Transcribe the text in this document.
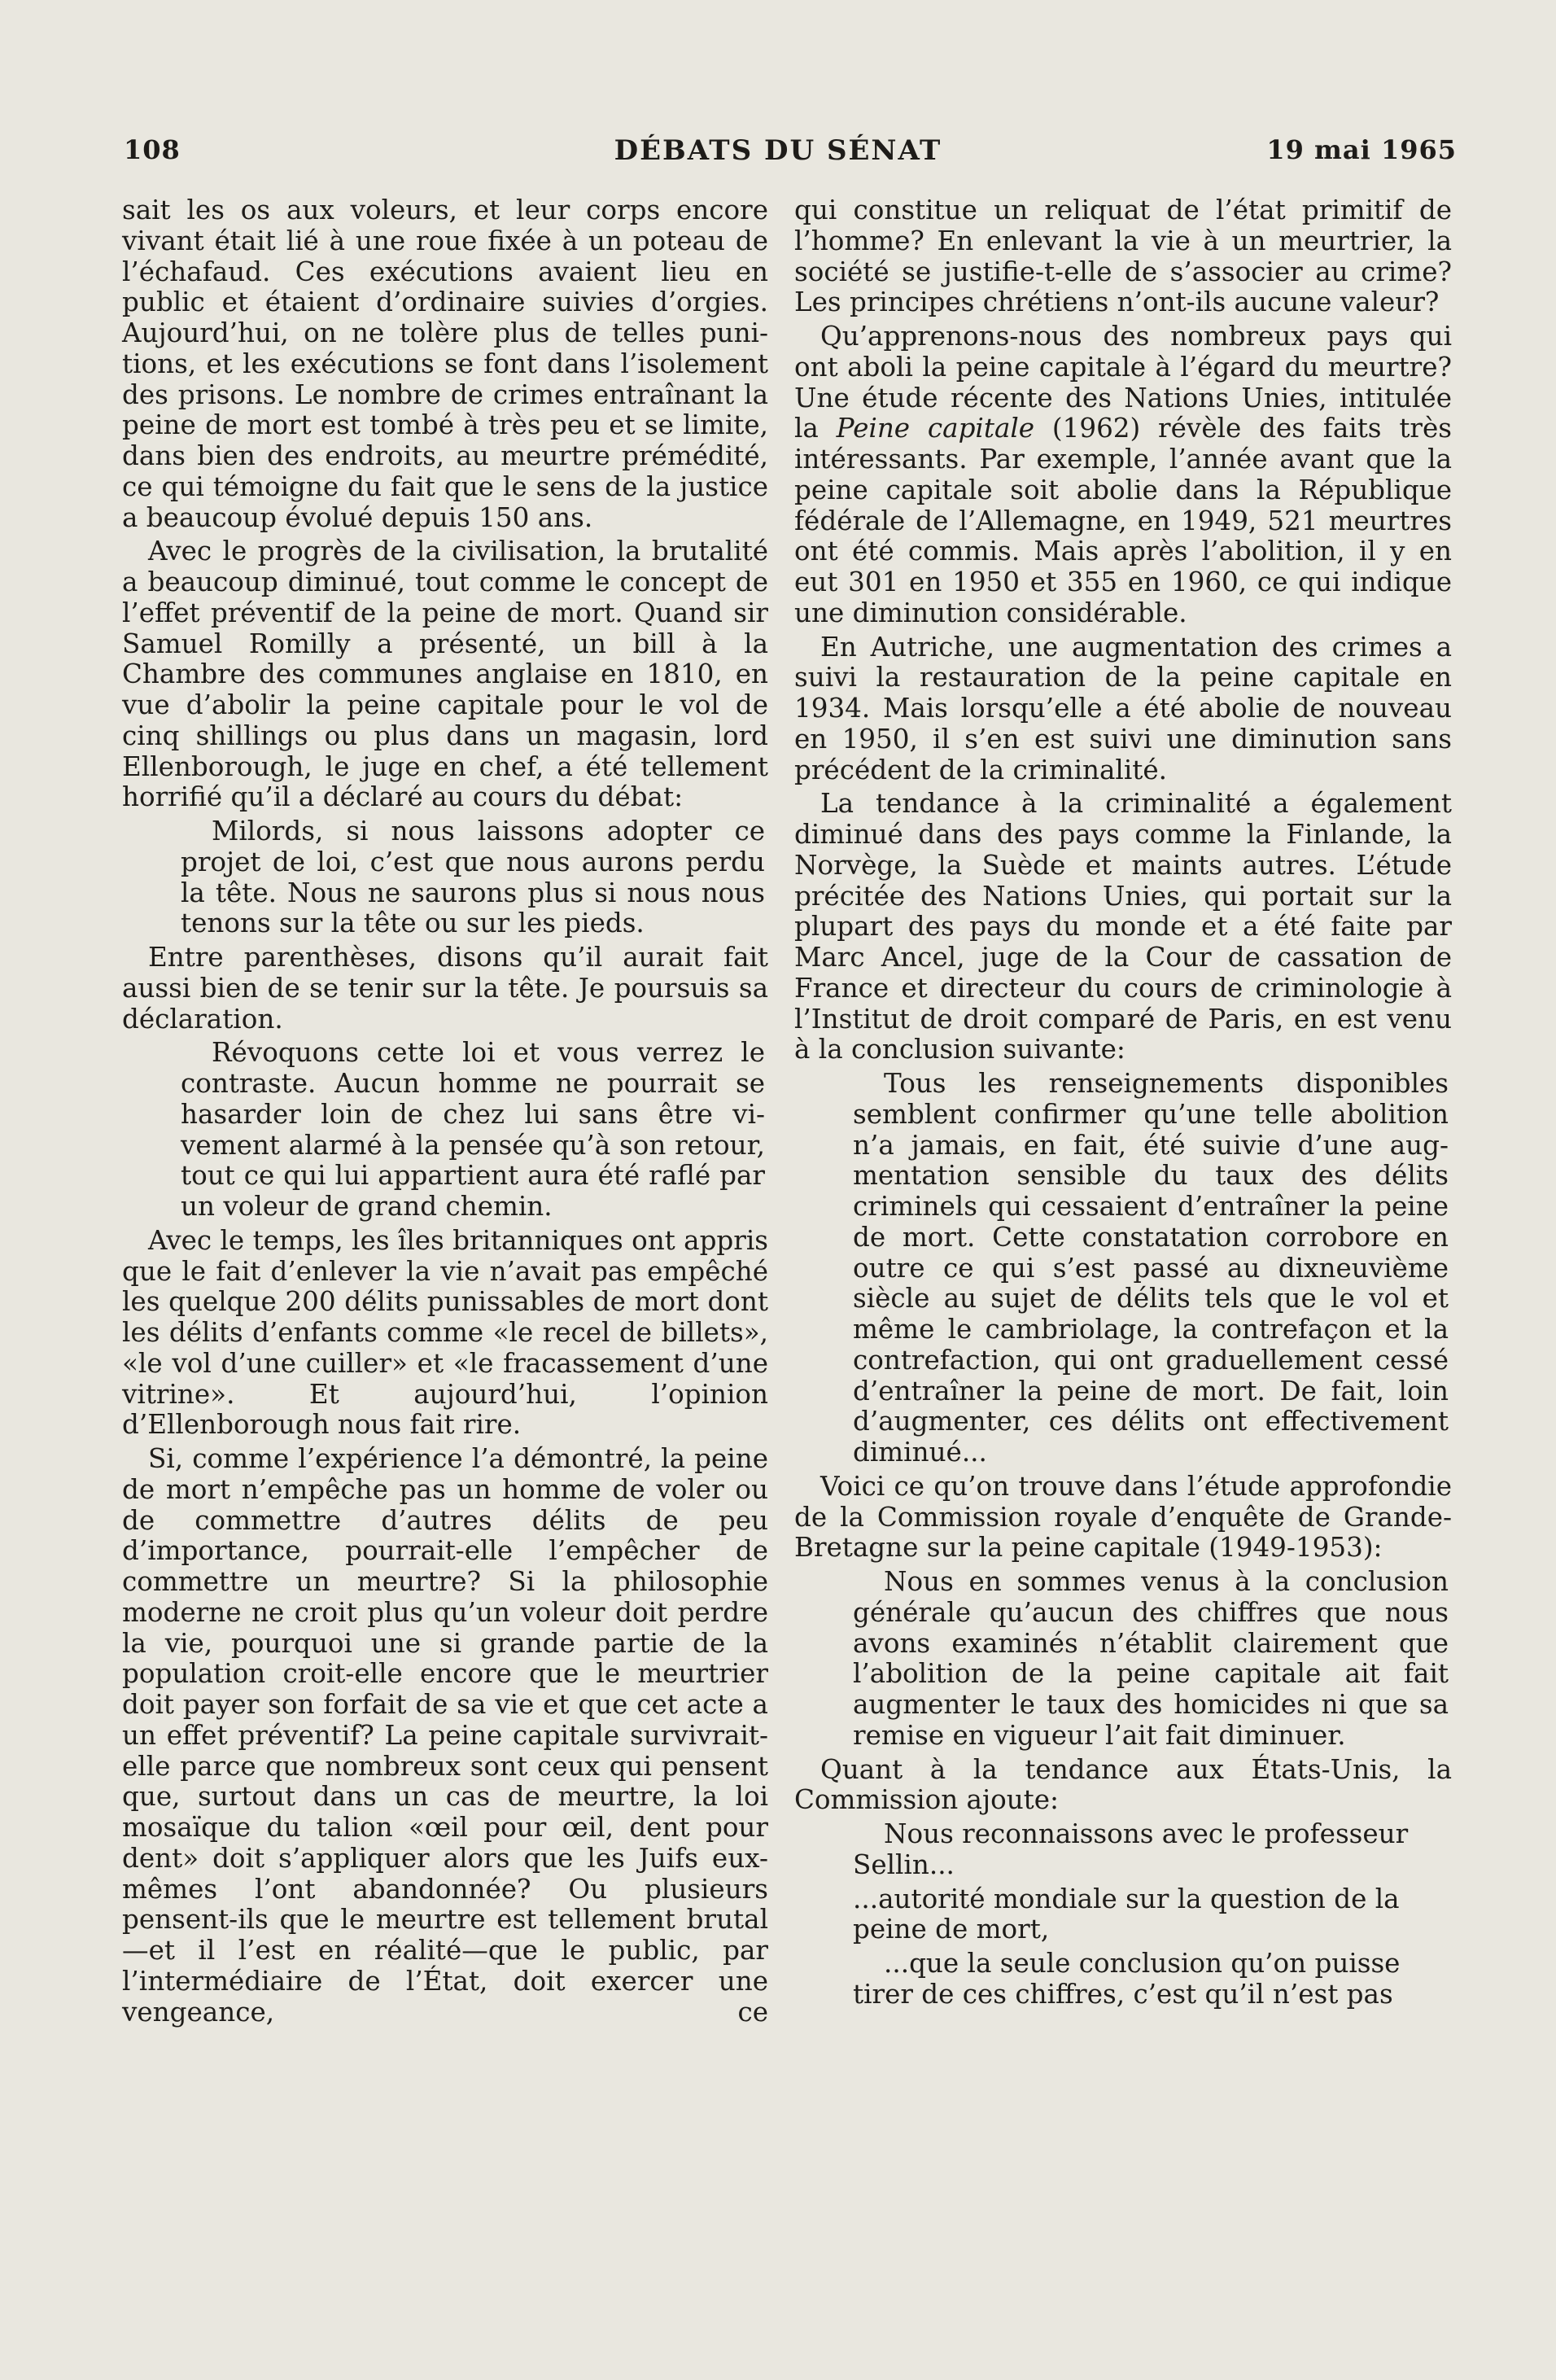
DÉBATS DU SÉNAT
108	19 mai 1965

sait les os aux voleurs, et leur corps encore vivant était lié à une roue fixée à un poteau de l’échafaud. Ces exécutions avaient lieu en public et étaient d’ordinaire suivies d’orgies. Aujourd’hui, on ne tolère plus de telles punitions, et les exécutions se font dans l’isolement des prisons. Le nombre de crimes entraînant la peine de mort est tombé à très peu et se limite, dans bien des endroits, au meurtre prémédité, ce qui témoigne du fait que le sens de la justice a beaucoup évolué depuis 150 ans.

Avec le progrès de la civilisation, la brutalité a beaucoup diminué, tout comme le concept de l’effet préventif de la peine de mort. Quand sir Samuel Romilly a présenté, un bill à la Chambre des communes anglaise en 1810, en vue d’abolir la peine capitale pour le vol de cinq shillings ou plus dans un magasin, lord Ellenborough, le juge en chef, a été tellement horrifié qu’il a déclaré au cours du débat:

Milords, si nous laissons adopter ce projet de loi, c’est que nous aurons perdu la tête. Nous ne saurons plus si nous nous tenons sur la tête ou sur les pieds.

Entre parenthèses, disons qu’il aurait fait aussi bien de se tenir sur la tête. Je poursuis sa déclaration.

Révoquons cette loi et vous verrez le contraste. Aucun homme ne pourrait se hasarder loin de chez lui sans être vivement alarmé à la pensée qu’à son retour, tout ce qui lui appartient aura été raflé par un voleur de grand chemin.

Avec le temps, les îles britanniques ont appris que le fait d’enlever la vie n’avait pas empêché les quelque 200 délits punissables de mort dont les délits d’enfants comme «le recel de billets», «le vol d’une cuiller» et «le fracassement d’une vitrine». Et aujourd’hui, l’opinion d’Ellenborough nous fait rire.

Si, comme l’expérience l’a démontré, la peine de mort n’empêche pas un homme de voler ou de commettre d’autres délits de peu d’importance, pourrait-elle l’empêcher de commettre un meurtre? Si la philosophie moderne ne croit plus qu’un voleur doit perdre la vie, pourquoi une si grande partie de la population croit-elle encore que le meurtrier doit payer son forfait de sa vie et que cet acte a un effet préventif? La peine capitale survivrait-elle parce que nombreux sont ceux qui pensent que, surtout dans un cas de meurtre, la loi mosaïque du talion «œil pour œil, dent pour dent» doit s’appliquer alors que les Juifs eux-mêmes l’ont abandonnée? Ou plusieurs pensent-ils que le meurtre est tellement brutal—et il l’est en réalité—que le public, par l’intermédiaire de l’État, doit exercer une vengeance, ce

qui constitue un reliquat de l’état primitif de l’homme? En enlevant la vie à un meurtrier, la société se justifie-t-elle de s’associer au crime? Les principes chrétiens n’ont-ils aucune valeur?

Qu’apprenons-nous des nombreux pays qui ont aboli la peine capitale à l’égard du meurtre? Une étude récente des Nations Unies, intitulée la Peine capitale (1962) révèle des faits très intéressants. Par exemple, l’année avant que la peine capitale soit abolie dans la République fédérale de l’Allemagne, en 1949, 521 meurtres ont été commis. Mais après l’abolition, il y en eut 301 en 1950 et 355 en 1960, ce qui indique une diminution considérable.

En Autriche, une augmentation des crimes a suivi la restauration de la peine capitale en 1934. Mais lorsqu’elle a été abolie de nouveau en 1950, il s’en est suivi une diminution sans précédent de la criminalité.

La tendance à la criminalité a également diminué dans des pays comme la Finlande, la Norvège, la Suède et maints autres. L’étude précitée des Nations Unies, qui portait sur la plupart des pays du monde et a été faite par Marc Ancel, juge de la Cour de cassation de France et directeur du cours de criminologie à l’Institut de droit comparé de Paris, en est venu à la conclusion suivante:

Tous les renseignements disponibles semblent confirmer qu’une telle abolition n’a jamais, en fait, été suivie d’une augmentation sensible du taux des délits criminels qui cessaient d’entraîner la peine de mort. Cette constatation corrobore en outre ce qui s’est passé au dixneuvième siècle au sujet de délits tels que le vol et même le cambriolage, la contrefaçon et la contrefaction, qui ont graduellement cessé d’entraîner la peine de mort. De fait, loin d’augmenter, ces délits ont effectivement diminué...

Voici ce qu’on trouve dans l’étude approfondie de la Commission royale d’enquête de Grande-Bretagne sur la peine capitale (1949-1953):

Nous en sommes venus à la conclusion générale qu’aucun des chiffres que nous avons examinés n’établit clairement que l’abolition de la peine capitale ait fait augmenter le taux des homicides ni que sa remise en vigueur l’ait fait diminuer.

Quant à la tendance aux États-Unis, la Commission ajoute:

Nous reconnaissons avec le professeur Sellin...

...autorité mondiale sur la question de la peine de mort,

...que la seule conclusion qu’on puisse tirer de ces chiffres, c’est qu’il n’est pas
